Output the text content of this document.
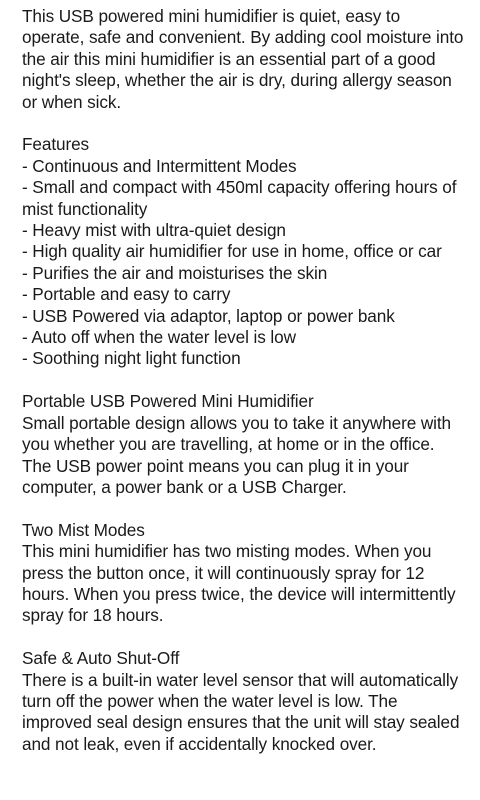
This USB powered mini humidifier is quiet, easy to operate, safe and convenient. By adding cool moisture into the air this mini humidifier is an essential part of a good night's sleep, whether the air is dry, during allergy season or when sick.

Features
- Continuous and Intermittent Modes
- Small and compact with 450ml capacity offering hours of mist functionality
- Heavy mist with ultra-quiet design
- High quality air humidifier for use in home, office or car
- Purifies the air and moisturises the skin
- Portable and easy to carry
- USB Powered via adaptor, laptop or power bank
- Auto off when the water level is low
- Soothing night light function
Portable USB Powered Mini Humidifier

Small portable design allows you to take it anywhere with you whether you are travelling, at home or in the office. The USB power point means you can plug it in your computer, a power bank or a USB Charger.

Two Mist Modes

This mini humidifier has two misting modes. When you press the button once, it will continuously spray for 12 hours. When you press twice, the device will intermittently spray for 18 hours.

Safe & Auto Shut-Off

There is a built-in water level sensor that will automatically turn off the power when the water level is low. The improved seal design ensures that the unit will stay sealed and not leak, even if accidentally knocked over.
